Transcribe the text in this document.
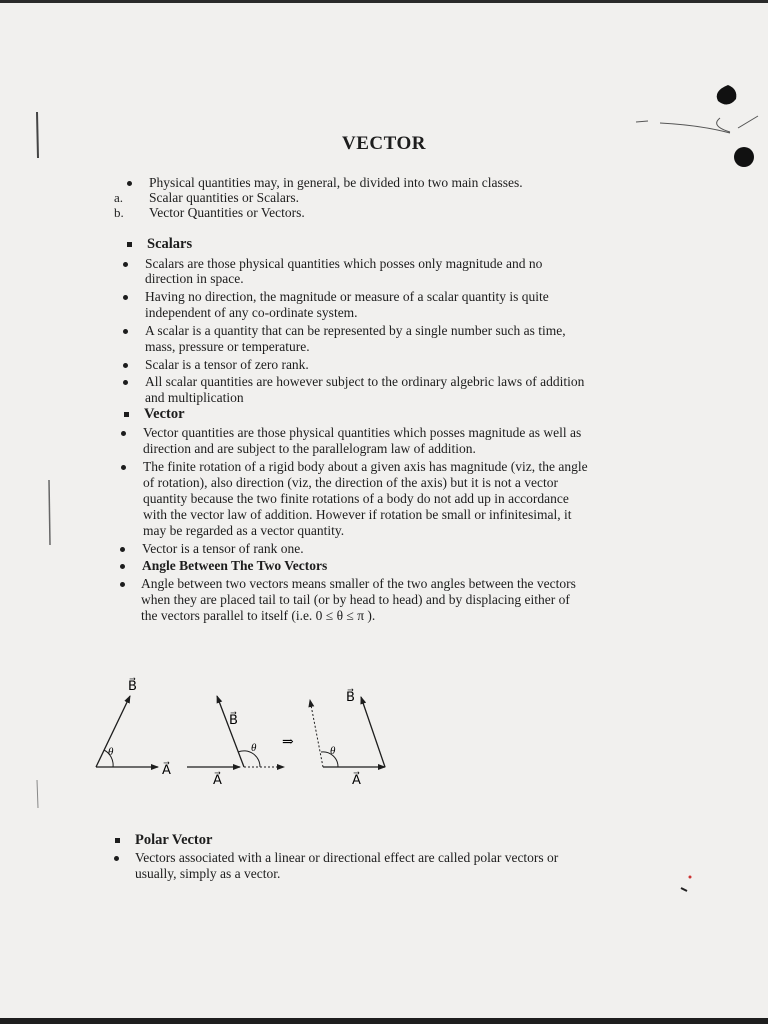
VECTOR
Physical quantities may, in general, be divided into two main classes.
a. Scalar quantities or Scalars.
b. Vector Quantities or Vectors.
Scalars
Scalars are those physical quantities which posses only magnitude and no
direction in space.
Having no direction, the magnitude or measure of a scalar quantity is quite
independent of any co-ordinate system.
A scalar is a quantity that can be represented by a single number such as time,
mass, pressure or temperature.
Scalar is a tensor of zero rank.
All scalar quantities are however subject to the ordinary algebric laws of addition
and multiplication
Vector
Vector quantities are those physical quantities which posses magnitude as well as
direction and are subject to the parallelogram law of addition.
The finite rotation of a rigid body about a given axis has magnitude (viz, the angle
of rotation), also direction (viz, the direction of the axis) but it is not a vector
quantity because the two finite rotations of a body do not add up in accordance
with the vector law of addition. However if rotation be small or infinitesimal, it
may be regarded as a vector quantity.
Vector is a tensor of rank one.
Angle Between The Two Vectors
Angle between two vectors means smaller of the two angles between the vectors
when they are placed tail to tail (or by head to head) and by displacing either of
the vectors parallel to itself (i.e. 0 ≤ θ ≤ π ).
θ
A⃗
B⃗
θ
A⃗
B⃗
⇒
θ
A⃗
B⃗
Polar Vector
Vectors associated with a linear or directional effect are called polar vectors or
usually, simply as a vector.
